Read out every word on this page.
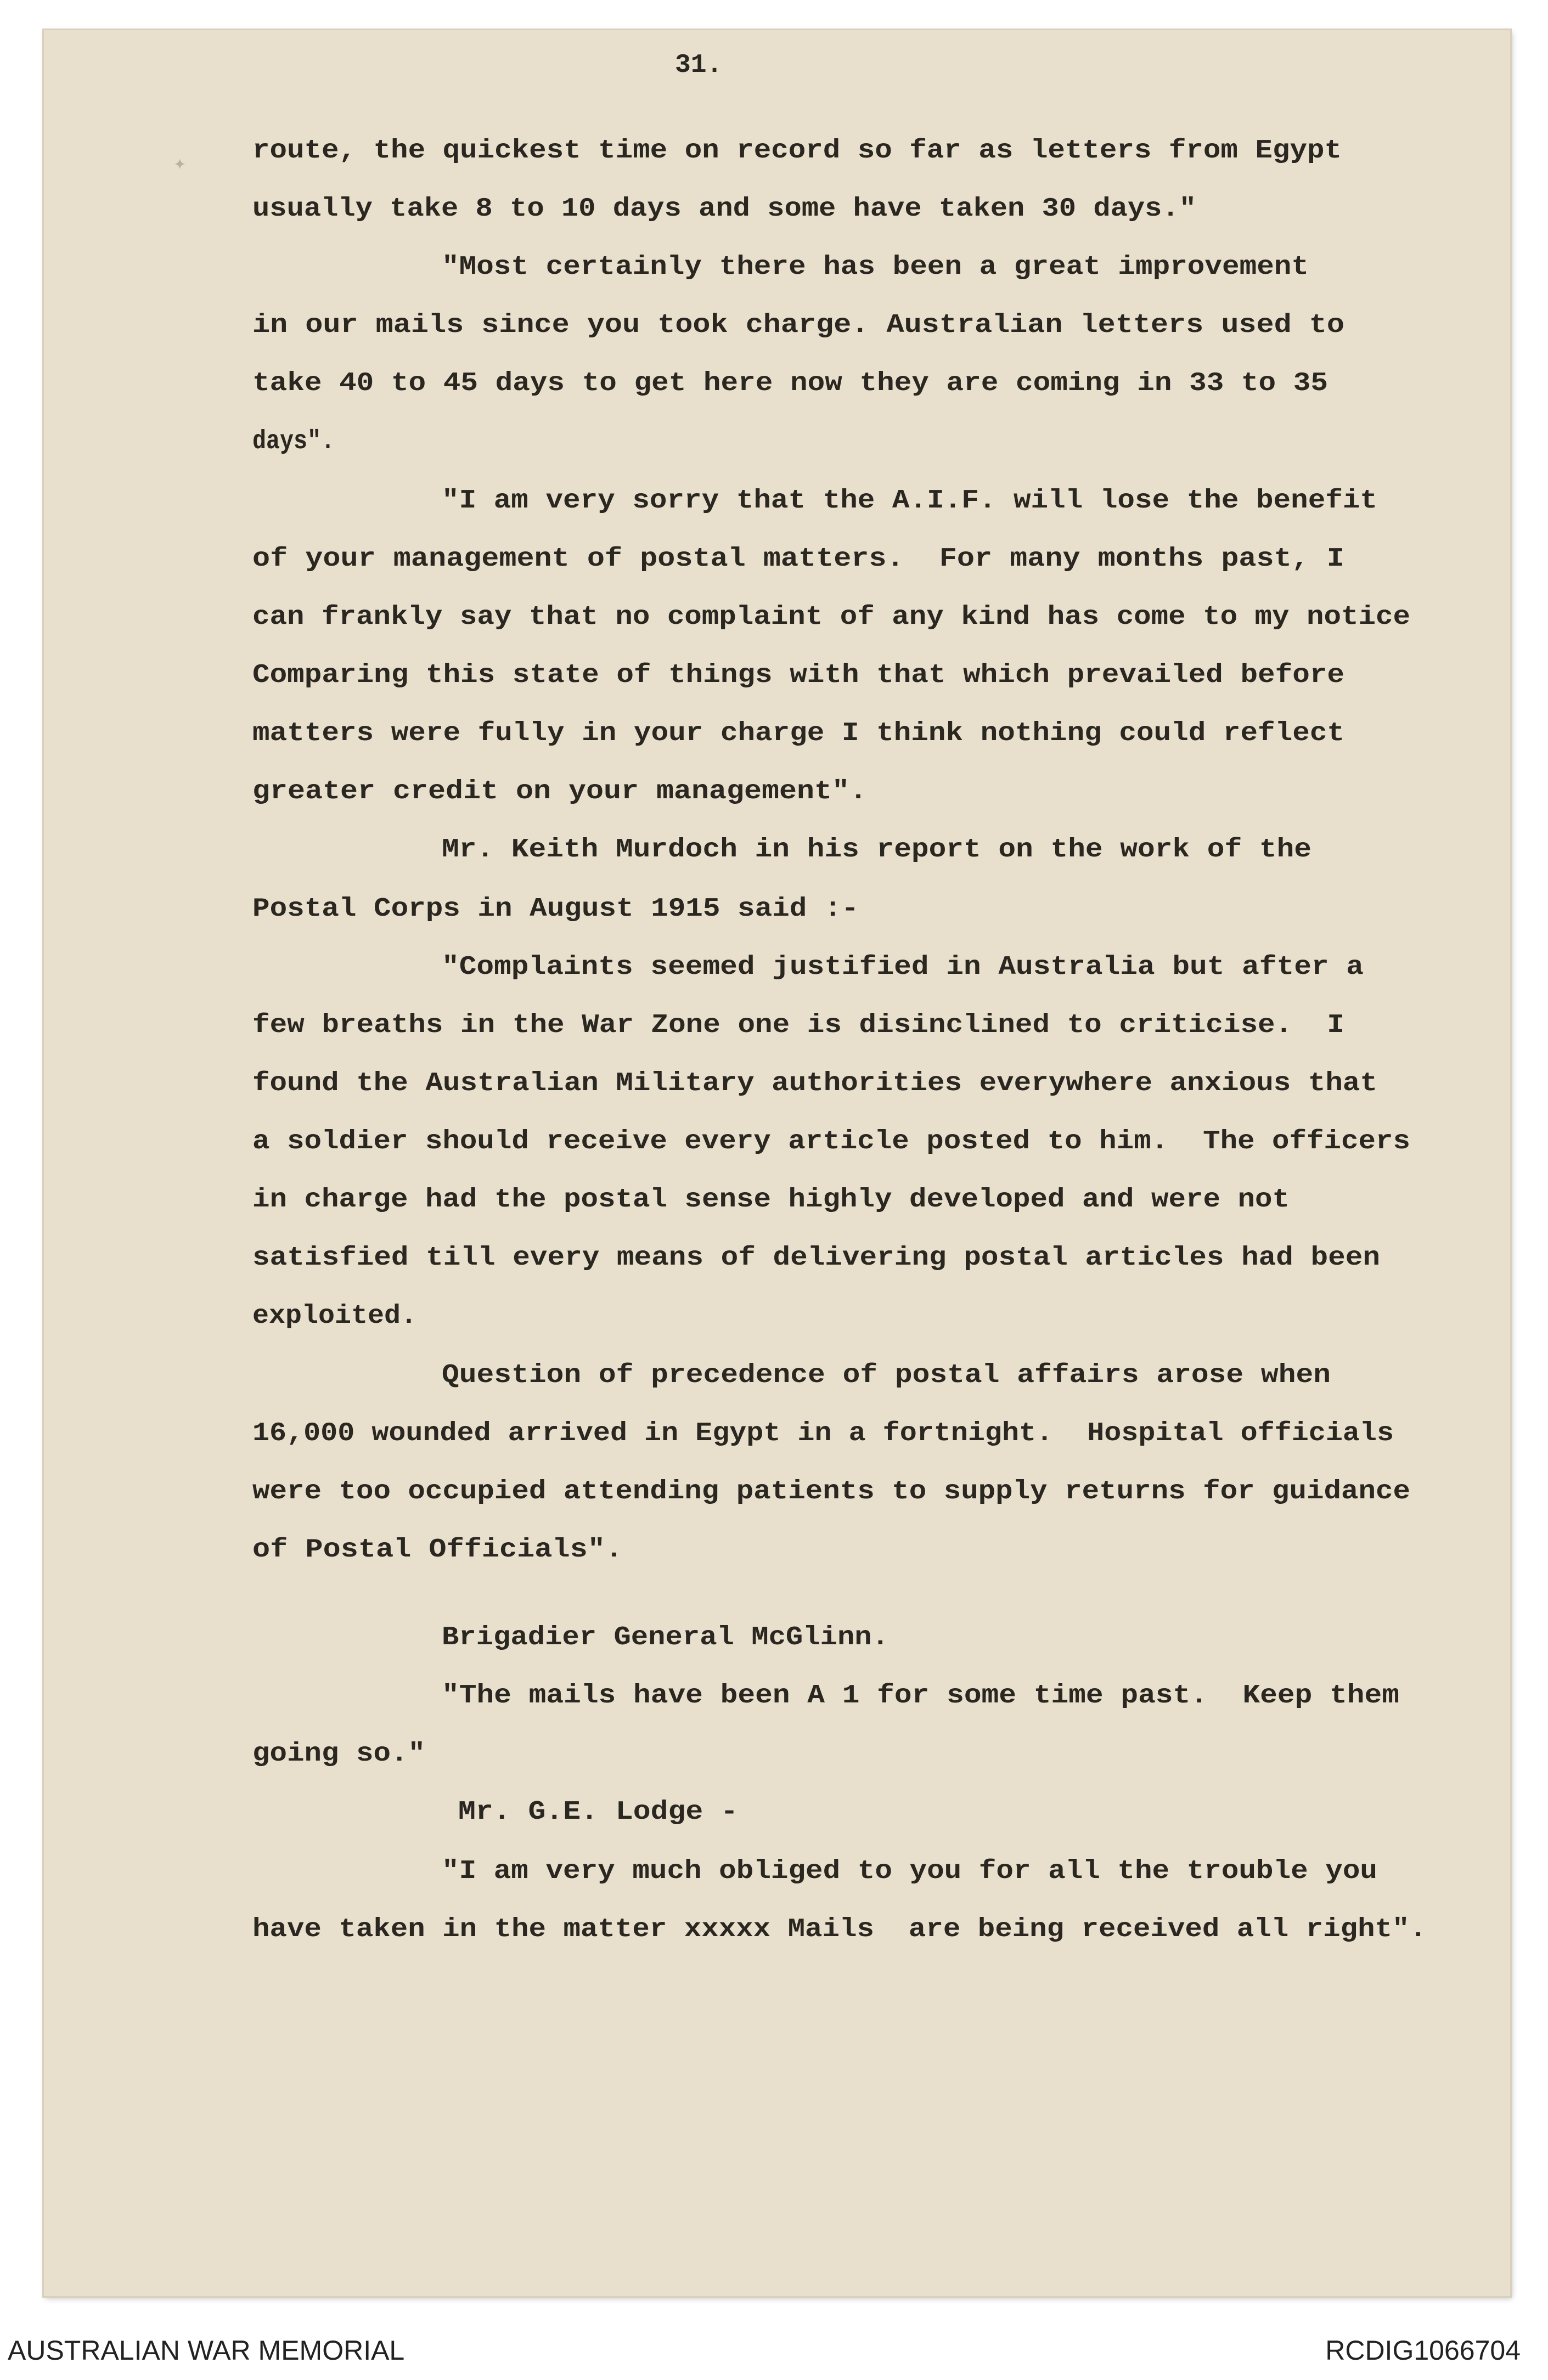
✦
31.
route, the quickest time on record so far as letters from Egypt
usually take 8 to 10 days and some have taken 30 days."
"Most certainly there has been a great improvement
in our mails since you took charge. Australian letters used to
take 40 to 45 days to get here now they are coming in 33 to 35
days".
"I am very sorry that the A.I.F. will lose the benefit
of your management of postal matters.  For many months past, I
can frankly say that no complaint of any kind has come to my notice
Comparing this state of things with that which prevailed before
matters were fully in your charge I think nothing could reflect
greater credit on your management".
Mr. Keith Murdoch in his report on the work of the
Postal Corps in August 1915 said :-
"Complaints seemed justified in Australia but after a
few breaths in the War Zone one is disinclined to criticise.  I
found the Australian Military authorities everywhere anxious that
a soldier should receive every article posted to him.  The officers
in charge had the postal sense highly developed and were not
satisfied till every means of delivering postal articles had been
exploited.
Question of precedence of postal affairs arose when
16,000 wounded arrived in Egypt in a fortnight.  Hospital officials
were too occupied attending patients to supply returns for guidance
of Postal Officials".
Brigadier General McGlinn.
"The mails have been A 1 for some time past.  Keep them
going so."
Mr. G.E. Lodge -
"I am very much obliged to you for all the trouble you
have taken in the matter xxxxx Mails  are being received all right".
AUSTRALIAN WAR MEMORIAL	RCDIG1066704
